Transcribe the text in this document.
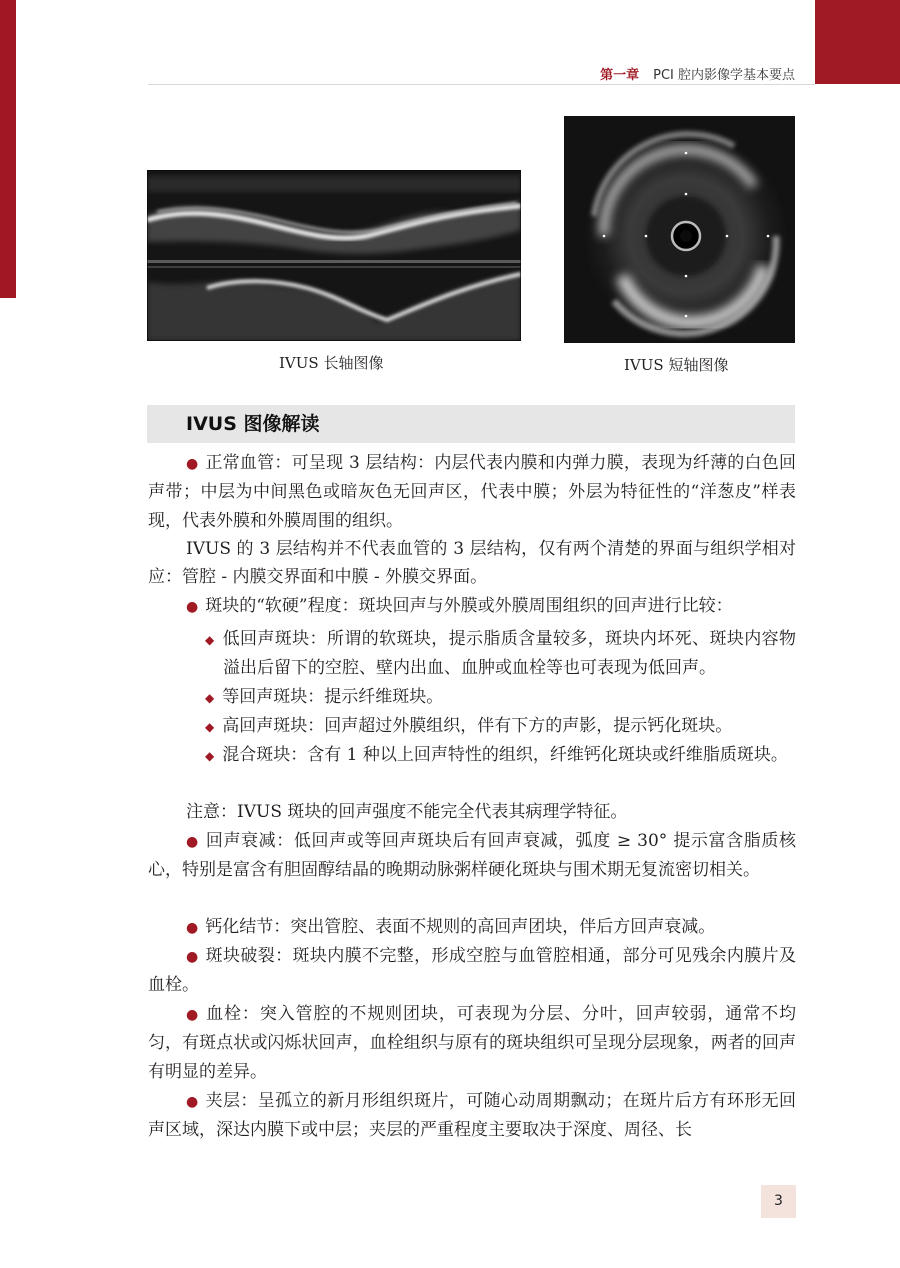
第一章 PCI 腔内影像学基本要点
IVUS 长轴图像	IVUS 短轴图像
IVUS 图像解读
● 正常血管：可呈现 3 层结构：内层代表内膜和内弹力膜，表现为纤薄的白色回声带；中层为中间黑色或暗灰色无回声区，代表中膜；外层为特征性的“洋葱皮”样表现，代表外膜和外膜周围的组织。
IVUS 的 3 层结构并不代表血管的 3 层结构，仅有两个清楚的界面与组织学相对应：管腔 - 内膜交界面和中膜 - 外膜交界面。
● 斑块的“软硬”程度：斑块回声与外膜或外膜周围组织的回声进行比较：
◆ 低回声斑块：所谓的软斑块，提示脂质含量较多，斑块内坏死、斑块内容物溢出后留下的空腔、壁内出血、血肿或血栓等也可表现为低回声。
◆ 等回声斑块：提示纤维斑块。
◆ 高回声斑块：回声超过外膜组织，伴有下方的声影，提示钙化斑块。
◆ 混合斑块：含有 1 种以上回声特性的组织，纤维钙化斑块或纤维脂质斑块。
注意：IVUS 斑块的回声强度不能完全代表其病理学特征。
● 回声衰减：低回声或等回声斑块后有回声衰减，弧度 ≥ 30° 提示富含脂质核心，特别是富含有胆固醇结晶的晚期动脉粥样硬化斑块与围术期无复流密切相关。
● 钙化结节：突出管腔、表面不规则的高回声团块，伴后方回声衰减。
● 斑块破裂：斑块内膜不完整，形成空腔与血管腔相通，部分可见残余内膜片及血栓。
● 血栓：突入管腔的不规则团块，可表现为分层、分叶，回声较弱，通常不均匀，有斑点状或闪烁状回声，血栓组织与原有的斑块组织可呈现分层现象，两者的回声有明显的差异。
● 夹层：呈孤立的新月形组织斑片，可随心动周期飘动；在斑片后方有环形无回声区域，深达内膜下或中层；夹层的严重程度主要取决于深度、周径、长
3
